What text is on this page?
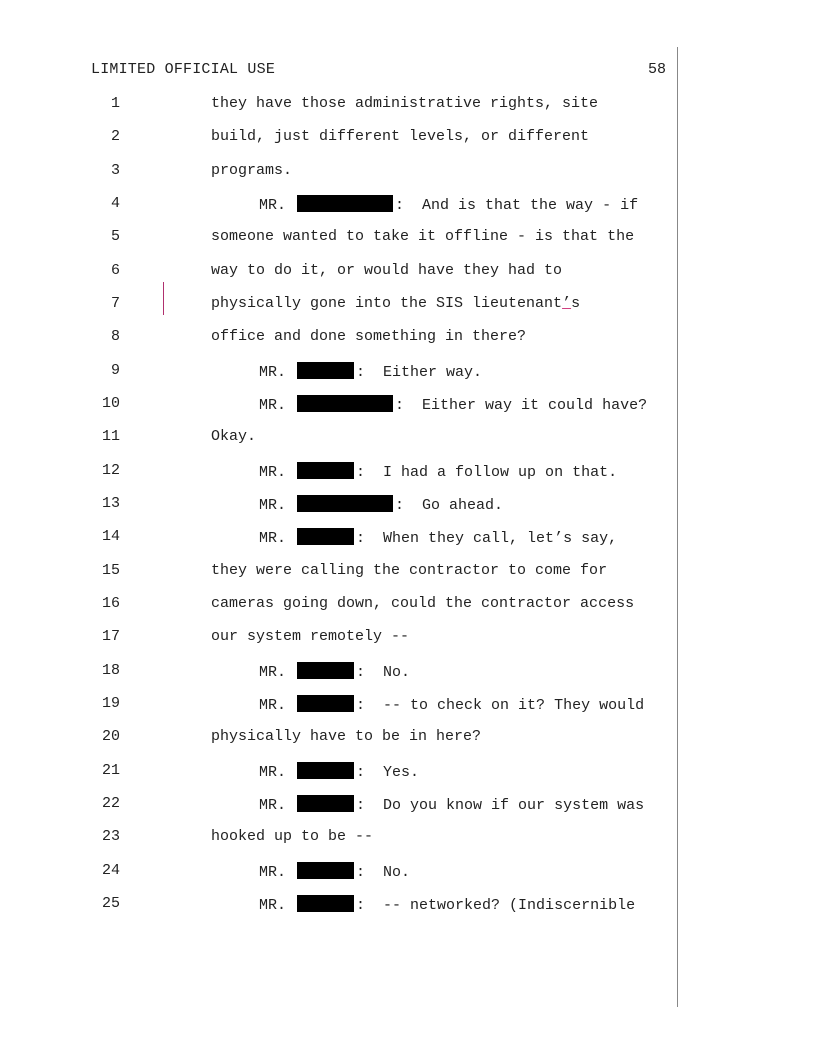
LIMITED OFFICIAL USE	58
1	they have those administrative rights, site
2	build, just different levels, or different
3	programs.
4	MR.	:  And is that the way - if
5	someone wanted to take it offline - is that the
6	way to do it, or would have they had to
7	physically gone into the SIS lieutenant’s
8	office and done something in there?
9	MR.	:  Either way.
10	MR.	:  Either way it could have?
11	Okay.
12	MR.	:  I had a follow up on that.
13	MR.	:  Go ahead.
14	MR.	:  When they call, let’s say,
15	they were calling the contractor to come for
16	cameras going down, could the contractor access
17	our system remotely --
18	MR.	:  No.
19	MR.	:  -- to check on it? They would
20	physically have to be in here?
21	MR.	:  Yes.
22	MR.	:  Do you know if our system was
23	hooked up to be --
24	MR.	:  No.
25	MR.	:  -- networked? (Indiscernible
